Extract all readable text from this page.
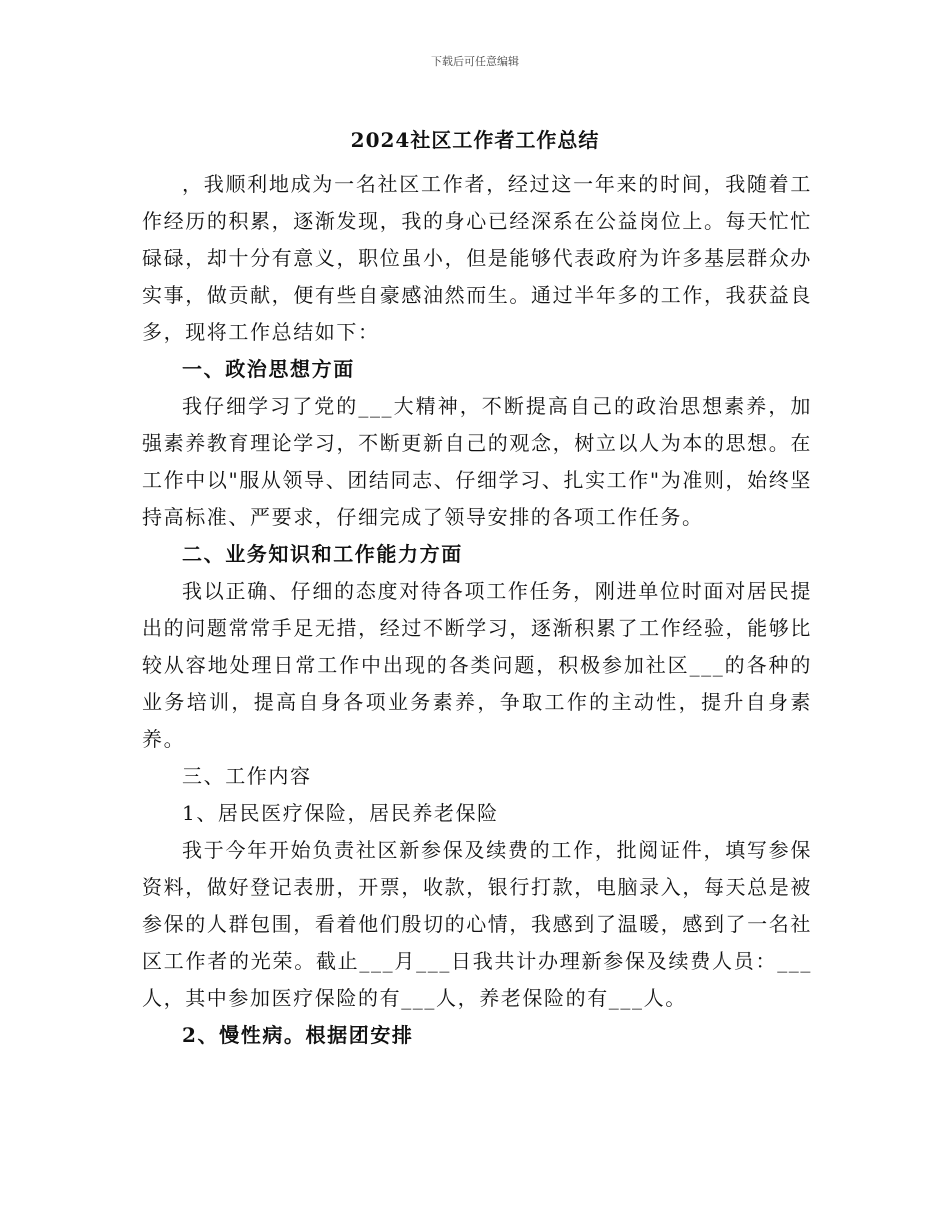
下载后可任意编辑
2024社区工作者工作总结

，我顺利地成为一名社区工作者，经过这一年来的时间，我随着工作经历的积累，逐渐发现，我的身心已经深系在公益岗位上。每天忙忙碌碌，却十分有意义，职位虽小，但是能够代表政府为许多基层群众办实事，做贡献，便有些自豪感油然而生。通过半年多的工作，我获益良多，现将工作总结如下：

一、政治思想方面

我仔细学习了党的___大精神，不断提高自己的政治思想素养，加强素养教育理论学习，不断更新自己的观念，树立以人为本的思想。在工作中以"服从领导、团结同志、仔细学习、扎实工作"为准则，始终坚持高标准、严要求，仔细完成了领导安排的各项工作任务。

二、业务知识和工作能力方面

我以正确、仔细的态度对待各项工作任务，刚进单位时面对居民提出的问题常常手足无措，经过不断学习，逐渐积累了工作经验，能够比较从容地处理日常工作中出现的各类问题，积极参加社区___的各种的业务培训，提高自身各项业务素养，争取工作的主动性，提升自身素养。

三、工作内容

1、居民医疗保险，居民养老保险

我于今年开始负责社区新参保及续费的工作，批阅证件，填写参保资料，做好登记表册，开票，收款，银行打款，电脑录入，每天总是被参保的人群包围，看着他们殷切的心情，我感到了温暖，感到了一名社区工作者的光荣。截止___月___日我共计办理新参保及续费人员：___人，其中参加医疗保险的有___人，养老保险的有___人。

2、慢性病。根据团安排
